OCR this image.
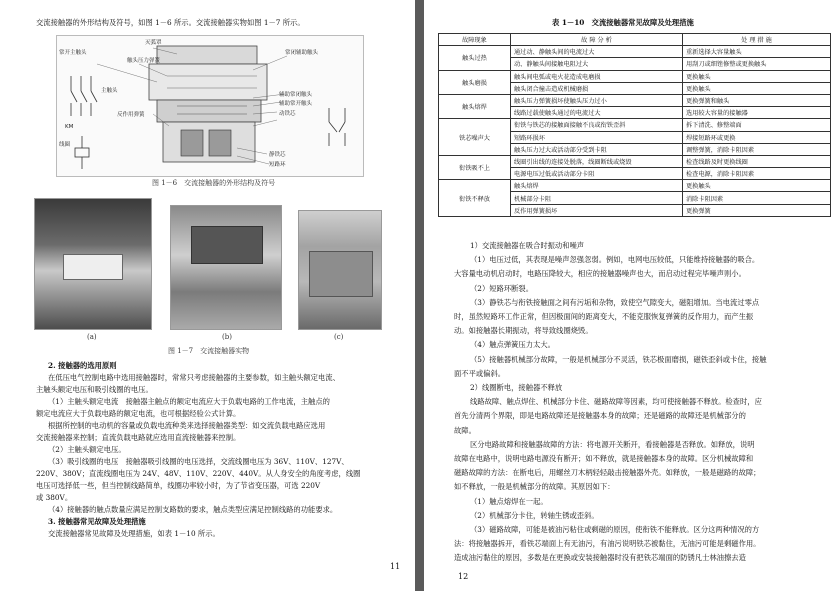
交流接触器的外形结构及符号，如图 1－6 所示。交流接触器实物如图 1－7 所示。
灭弧罩
常开主触头
触头压力弹簧
常闭辅助触头
KM
主触头
辅助常闭触头
辅助常开触头
动铁芯
反作用弹簧
线圈
静铁芯
短路环
图 1－6　交流接触器的外形结构及符号
(a)	(b)	(c)
图 1－7　交流接触器实物
2. 接触器的选用原则
在低压电气控制电路中选用接触器时，常常只考虑接触器的主要参数，如主触头额定电流、
主触头额定电压和吸引线圈的电压。
（1）主触头额定电流　接触器主触点的额定电流应大于负载电路的工作电流，主触点的
额定电流应大于负载电路的额定电流，也可根据经验公式计算。
根据所控制的电动机的容量或负载电流种类来选择接触器类型：如交流负载电路应选用
交流接触器来控制；直流负载电路就应选用直流接触器来控制。
（2）主触头额定电压。
（3）吸引线圈的电压　接触器吸引线圈的电压选择，交流线圈电压为 36V、110V、127V、
220V、380V；直流线圈电压为 24V、48V、110V、220V、440V。从人身安全的角度考虑，线圈
电压可选择低一些，但当控制线路简单，线圈功率较小时，为了节省变压器，可选 220V
或 380V。
（4）接触器的触点数量应满足控制支路数的要求，触点类型应满足控制线路的功能要求。
3. 接触器常见故障及处理措施
交流接触器常见故障及处理措施，如表 1－10 所示。
11
表 1－10　交流接触器常见故障及处理措施
故障现象	故 障 分 析	处 理 措 施
触头过热	通过动、静触头间的电流过大	重新选择大容量触头
	动、静触头间接触电阻过大	用刮刀或细锉修整或更换触头
触头磨损	触头间电弧或电火花造成电磨损	更换触头
	触头闭合撞击造成机械磨损	更换触头
触头熔焊	触头压力弹簧损坏使触头压力过小	更换弹簧和触头
	线路过载使触头通过的电流过大	选用较大容量的接触器
铁芯噪声大	衔铁与铁芯的接触面接触不良或衔铁歪斜	拆下清洗、修整端面
	短路环损坏	焊接短路环或更换
	触头压力过大或活动部分受到卡阻	调整弹簧，消除卡阻因素
衔铁吸不上	线圈引出线的连接处脱落，线圈断线或烧毁	检查线路及时更换线圈
	电源电压过低或活动部分卡阻	检查电源，消除卡阻因素
衔铁不释放	触头熔焊	更换触头
	机械部分卡阻	消除卡阻因素
	反作用弹簧损坏	更换弹簧
1）交流接触器在吸合时振动和噪声
（1）电压过低，其表现是噪声忽强忽弱。例如，电网电压较低，只能维持接触器的吸合。
大容量电动机启动时，电路压降较大，相应的接触器噪声也大，而启动过程完毕噪声则小。
（2）短路环断裂。
（3）静铁芯与衔铁接触面之间有污垢和杂物，致使空气隙变大，磁阻增加。当电流过零点
时，虽然短路环工作正常，但因极面间的距离变大，不能克服恢复弹簧的反作用力，而产生振
动。如接触器长期振动，将导致线圈烧毁。
（4）触点弹簧压力太大。
（5）接触器机械部分故障，一般是机械部分不灵活，铁芯极面磨损，磁铁歪斜或卡住，接触
面不平或偏斜。
2）线圈断电，接触器不释放
线路故障、触点焊住、机械部分卡住、磁路故障等因素，均可使接触器不释放。检查时，应
首先分清两个界限，即是电路故障还是接触器本身的故障；还是磁路的故障还是机械部分的
故障。
区分电路故障和接触器故障的方法：将电源开关断开，看接触器是否释放。如释放，说明
故障在电路中，说明电路电源没有断开；如不释放，就是接触器本身的故障。区分机械故障和
磁路故障的方法：在断电后，用螺丝刀木柄轻轻敲击接触器外壳。如释放，一般是磁路的故障；
如不释放，一般是机械部分的故障。其原因如下：
（1）触点熔焊在一起。
（2）机械部分卡住，转轴生锈或歪斜。
（3）磁路故障，可能是被油污粘住或剩磁的原因，使衔铁不能释放。区分这两种情况的方
法：将接触器拆开，看铁芯端面上有无油污，有油污说明铁芯被黏住，无油污可能是剩磁作用。
造成油污黏住的原因，多数是在更换或安装接触器时没有把铁芯端面的防锈凡士林油擦去造
12
